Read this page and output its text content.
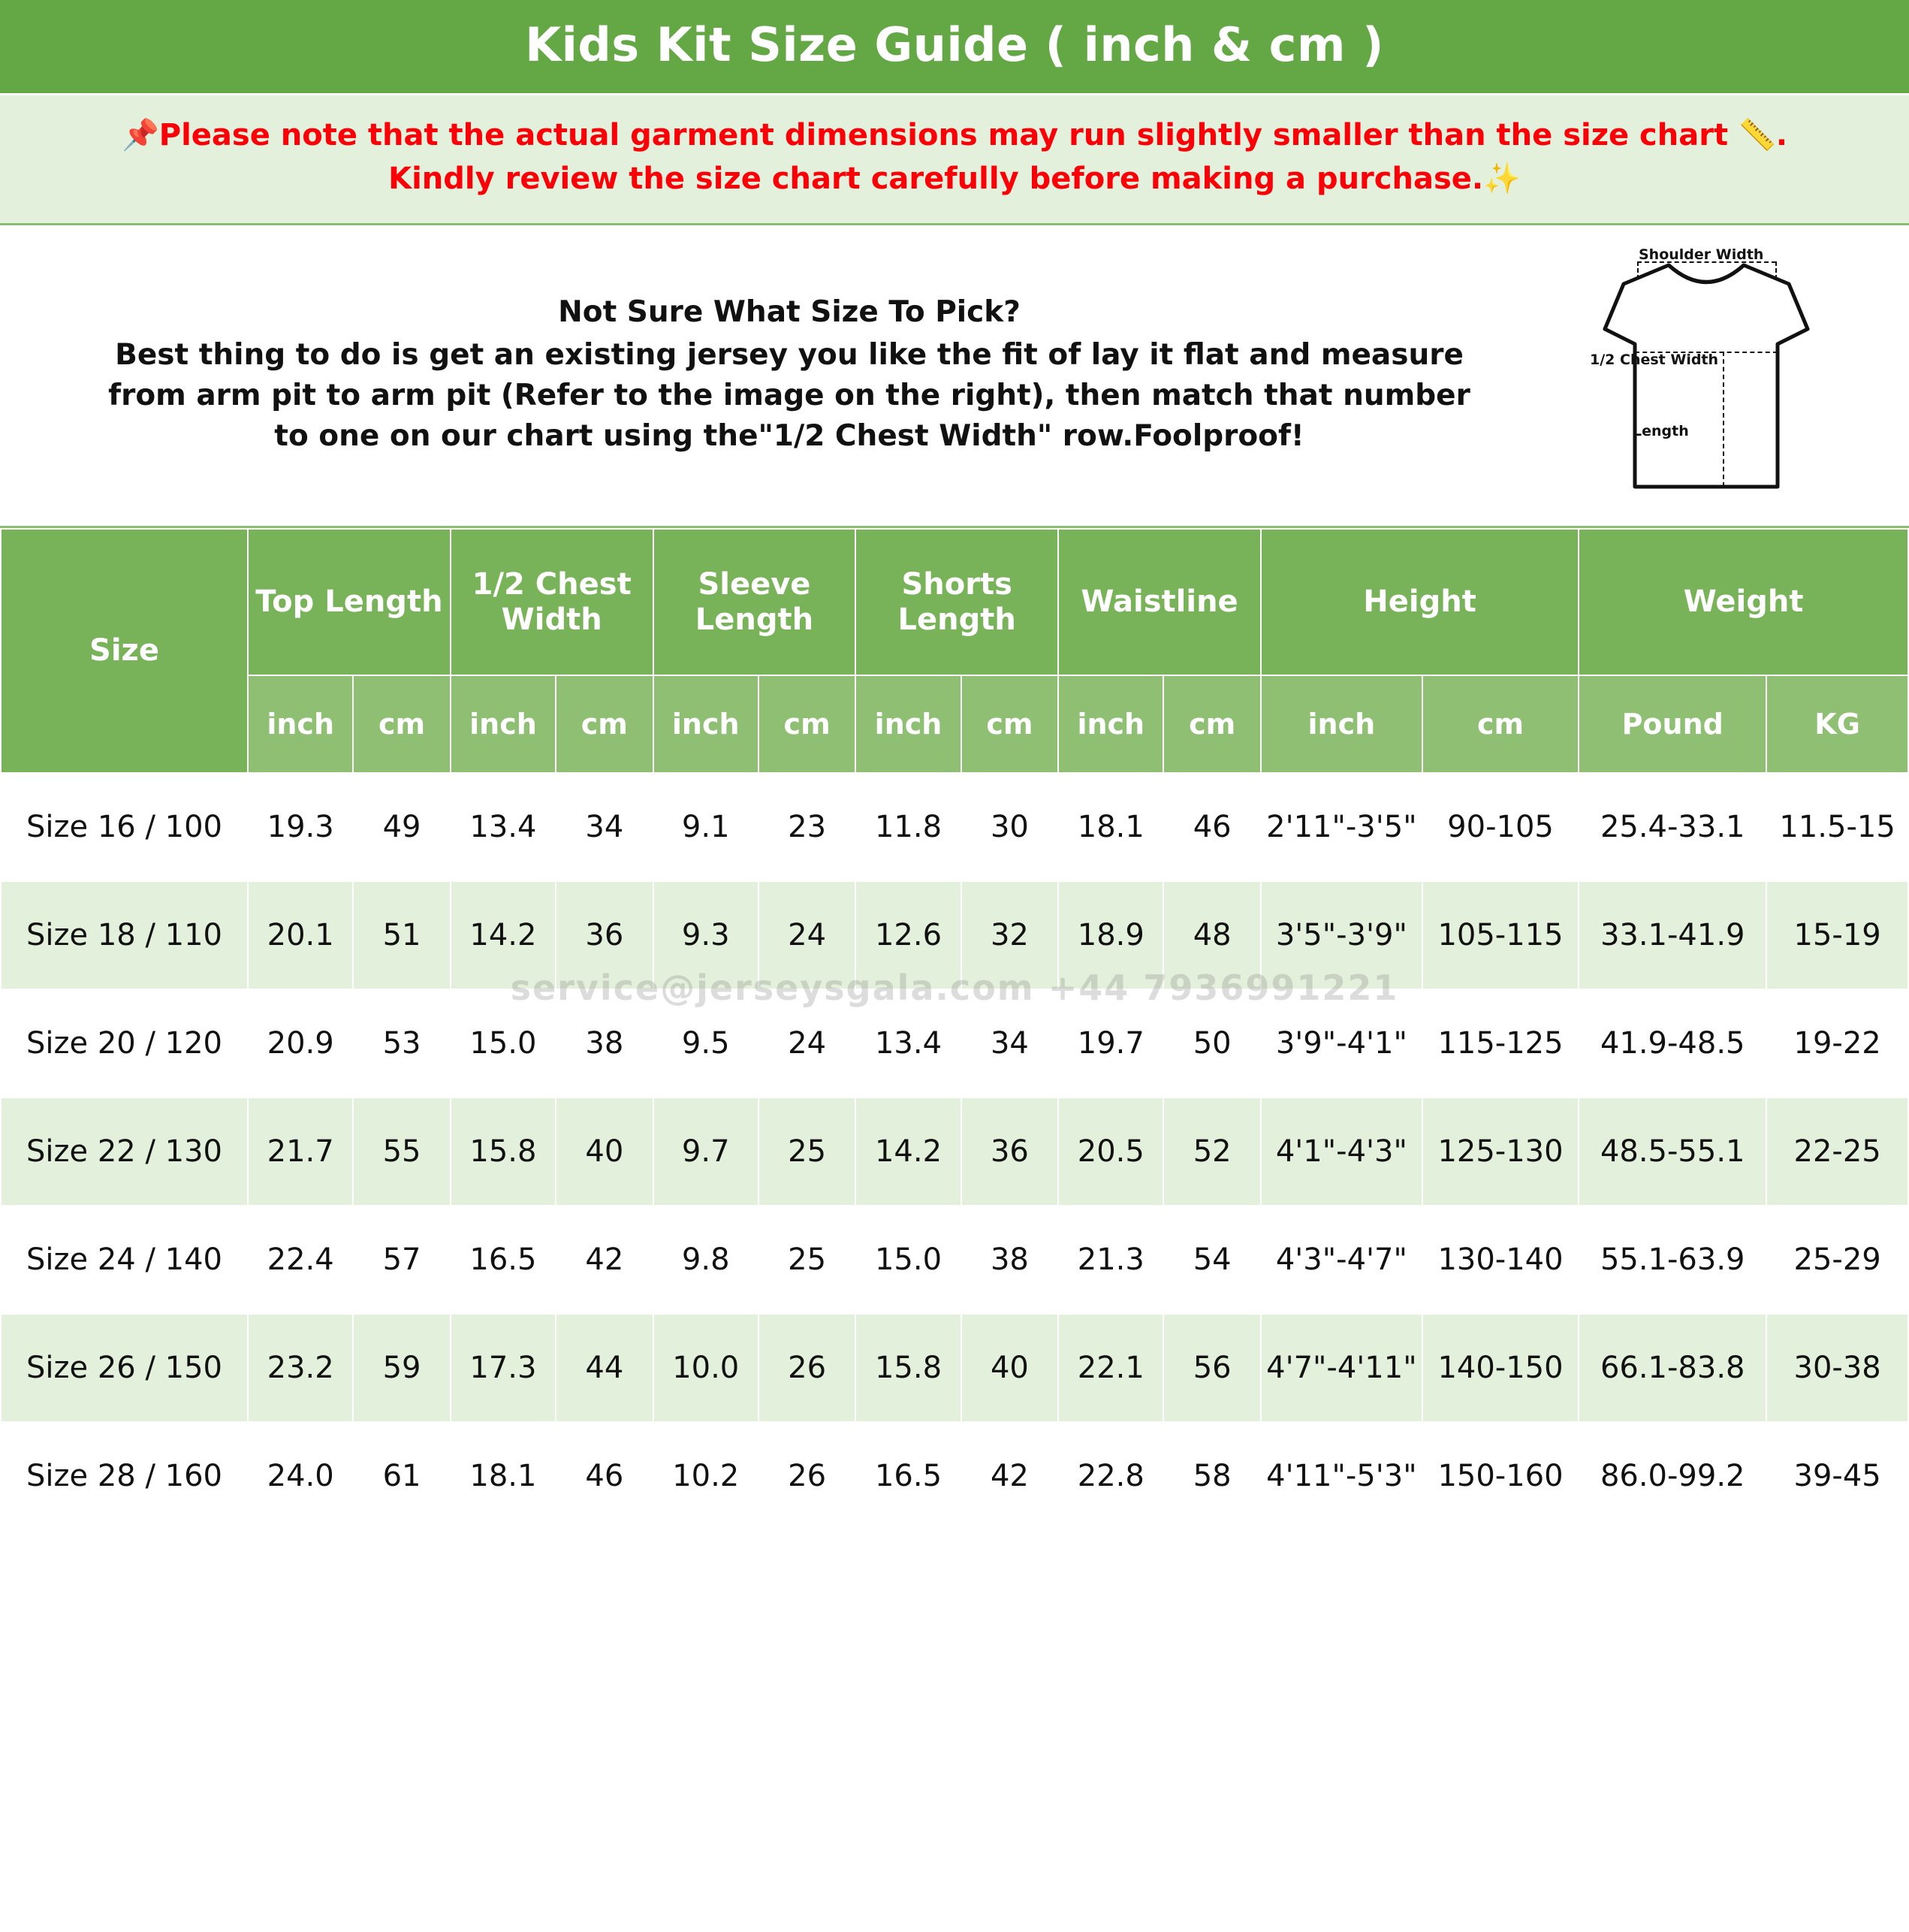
Kids Kit Size Guide ( inch & cm )
📌Please note that the actual garment dimensions may run slightly smaller than the size chart 📏.
Kindly review the size chart carefully before making a purchase.✨
Not Sure What Size To Pick?
Best thing to do is get an existing jersey you like the fit of lay it flat and measure
from arm pit to arm pit (Refer to the image on the right), then match that number
to one on our chart using the"1/2 Chest Width" row.Foolproof!
Shoulder Width
1/2 Chest Width
Length
Size	Top Length		1/2 Chest Width		Sleeve Length		Shorts Length		Waistline		Height		Weight	
	inch	cm	inch	cm	inch	cm	inch	cm	inch	cm	inch	cm	Pound	KG
Size 16 / 100	19.3	49	13.4	34	9.1	23	11.8	30	18.1	46	2'11"-3'5"	90-105	25.4-33.1	11.5-15
Size 18 / 110	20.1	51	14.2	36	9.3	24	12.6	32	18.9	48	3'5"-3'9"	105-115	33.1-41.9	15-19
Size 20 / 120	20.9	53	15.0	38	9.5	24	13.4	34	19.7	50	3'9"-4'1"	115-125	41.9-48.5	19-22
Size 22 / 130	21.7	55	15.8	40	9.7	25	14.2	36	20.5	52	4'1"-4'3"	125-130	48.5-55.1	22-25
Size 24 / 140	22.4	57	16.5	42	9.8	25	15.0	38	21.3	54	4'3"-4'7"	130-140	55.1-63.9	25-29
Size 26 / 150	23.2	59	17.3	44	10.0	26	15.8	40	22.1	56	4'7"-4'11"	140-150	66.1-83.8	30-38
Size 28 / 160	24.0	61	18.1	46	10.2	26	16.5	42	22.8	58	4'11"-5'3"	150-160	86.0-99.2	39-45
service@jerseysgala.com +44 7936991221
